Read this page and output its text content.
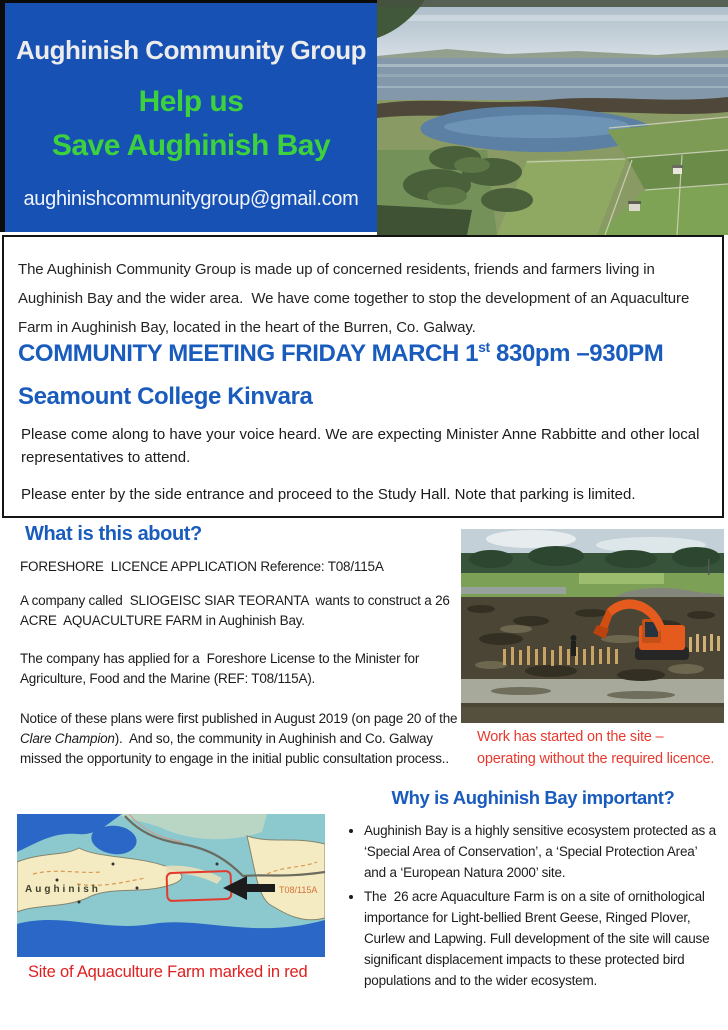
Aughinish Community Group
Help us
Save Aughinish Bay
aughinishcommunitygroup@gmail.com

The Aughinish Community Group is made up of concerned residents, friends and farmers living in Aughinish Bay and the wider area.  We have come together to stop the development of an Aquaculture Farm in Aughinish Bay, located in the heart of the Burren, Co. Galway.

COMMUNITY MEETING FRIDAY MARCH 1st 830pm –930PM
Seamount College Kinvara

Please come along to have your voice heard. We are expecting Minister Anne Rabbitte and other local representatives to attend.

Please enter by the side entrance and proceed to the Study Hall. Note that parking is limited.

What is this about?

FORESHORE  LICENCE APPLICATION Reference: T08/115A

A company called  SLIOGEISC SIAR TEORANTA  wants to construct a 26 ACRE  AQUACULTURE FARM in Aughinish Bay.

The company has applied for a  Foreshore License to the Minister for Agriculture, Food and the Marine (REF: T08/115A).

Notice of these plans were first published in August 2019 (on page 20 of the Clare Champion).  And so, the community in Aughinish and Co. Galway missed the opportunity to engage in the initial public consultation process..

Work has started on the site –
operating without the required licence.
Why is Aughinish Bay important?
• Aughinish Bay is a highly sensitive ecosystem protected as a ‘Special Area of Conservation’, a ‘Special Protection Area’ and a ‘European Natura 2000’ site.
• The  26 acre Aquaculture Farm is on a site of ornithological importance for Light-bellied Brent Geese, Ringed Plover, Curlew and Lapwing. Full development of the site will cause significant displacement impacts to these protected bird populations and to the wider ecosystem.
T08/115A
Aughinish
Site of Aquaculture Farm marked in red
